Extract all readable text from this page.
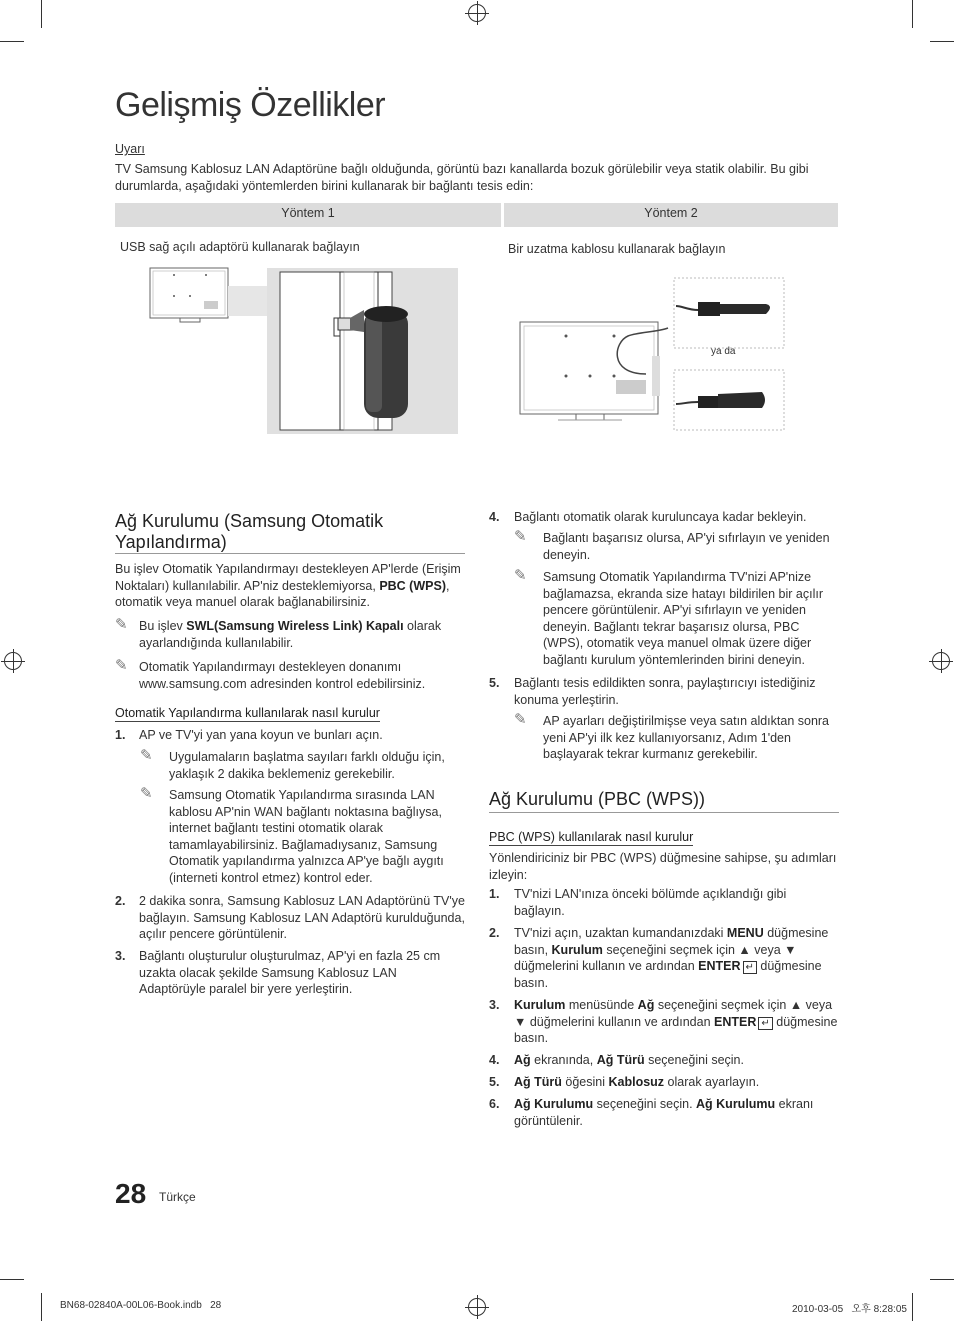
Gelişmiş Özellikler
Uyarı
TV Samsung Kablosuz LAN Adaptörüne bağlı olduğunda, görüntü bazı kanallarda bozuk görülebilir veya statik olabilir. Bu gibi durumlarda, aşağıdaki yöntemlerden birini kullanarak bir bağlantı tesis edin:
Yöntem 1	Yöntem 2
USB sağ açılı adaptörü kullanarak bağlayın	Bir uzatma kablosu kullanarak bağlayın
ya da
Ağ Kurulumu (Samsung Otomatik Yapılandırma)
Bu işlev Otomatik Yapılandırmayı destekleyen AP'lerde (Erişim Noktaları) kullanılabilir. AP'niz desteklemiyorsa, PBC (WPS), otomatik veya manuel olarak bağlanabilirsiniz.
✎ Bu işlev SWL(Samsung Wireless Link) Kapalı olarak ayarlandığında kullanılabilir.
✎ Otomatik Yapılandırmayı destekleyen donanımı www.samsung.com adresinden kontrol edebilirsiniz.
Otomatik Yapılandırma kullanılarak nasıl kurulur
1. AP ve TV'yi yan yana koyun ve bunları açın.
✎ Uygulamaların başlatma sayıları farklı olduğu için, yaklaşık 2 dakika beklemeniz gerekebilir.
✎ Samsung Otomatik Yapılandırma sırasında LAN kablosu AP'nin WAN bağlantı noktasına bağlıysa, internet bağlantı testini otomatik olarak tamamlayabilirsiniz. Bağlamadıysanız, Samsung Otomatik yapılandırma yalnızca AP'ye bağlı aygıtı (interneti kontrol etmez) kontrol eder.
2. 2 dakika sonra, Samsung Kablosuz LAN Adaptörünü TV'ye bağlayın. Samsung Kablosuz LAN Adaptörü kurulduğunda, açılır pencere görüntülenir.
3. Bağlantı oluşturulur oluşturulmaz, AP'yi en fazla 25 cm uzakta olacak şekilde Samsung Kablosuz LAN Adaptörüyle paralel bir yere yerleştirin.
4. Bağlantı otomatik olarak kuruluncaya kadar bekleyin.
✎ Bağlantı başarısız olursa, AP'yi sıfırlayın ve yeniden deneyin.
✎ Samsung Otomatik Yapılandırma TV'nizi AP'nize bağlamazsa, ekranda size hatayı bildirilen bir açılır pencere görüntülenir. AP'yi sıfırlayın ve yeniden deneyin. Bağlantı tekrar başarısız olursa, PBC (WPS), otomatik veya manuel olmak üzere diğer bağlantı kurulum yöntemlerinden birini deneyin.
5. Bağlantı tesis edildikten sonra, paylaştırıcıyı istediğiniz konuma yerleştirin.
✎ AP ayarları değiştirilmişse veya satın aldıktan sonra yeni AP'yi ilk kez kullanıyorsanız, Adım 1'den başlayarak tekrar kurmanız gerekebilir.
Ağ Kurulumu (PBC (WPS))
PBC (WPS) kullanılarak nasıl kurulur
Yönlendiriciniz bir PBC (WPS) düğmesine sahipse, şu adımları izleyin:
1. TV'nizi LAN'ınıza önceki bölümde açıklandığı gibi bağlayın.
2. TV'nizi açın, uzaktan kumandanızdaki MENU düğmesine basın, Kurulum seçeneğini seçmek için ▲ veya ▼ düğmelerini kullanın ve ardından ENTER ↵ düğmesine basın.
3. Kurulum menüsünde Ağ seçeneğini seçmek için ▲ veya ▼ düğmelerini kullanın ve ardından ENTER ↵ düğmesine basın.
4. Ağ ekranında, Ağ Türü seçeneğini seçin.
5. Ağ Türü öğesini Kablosuz olarak ayarlayın.
6. Ağ Kurulumu seçeneğini seçin. Ağ Kurulumu ekranı görüntülenir.
28 Türkçe
BN68-02840A-00L06-Book.indb   28	2010-03-05   오후 8:28:05
